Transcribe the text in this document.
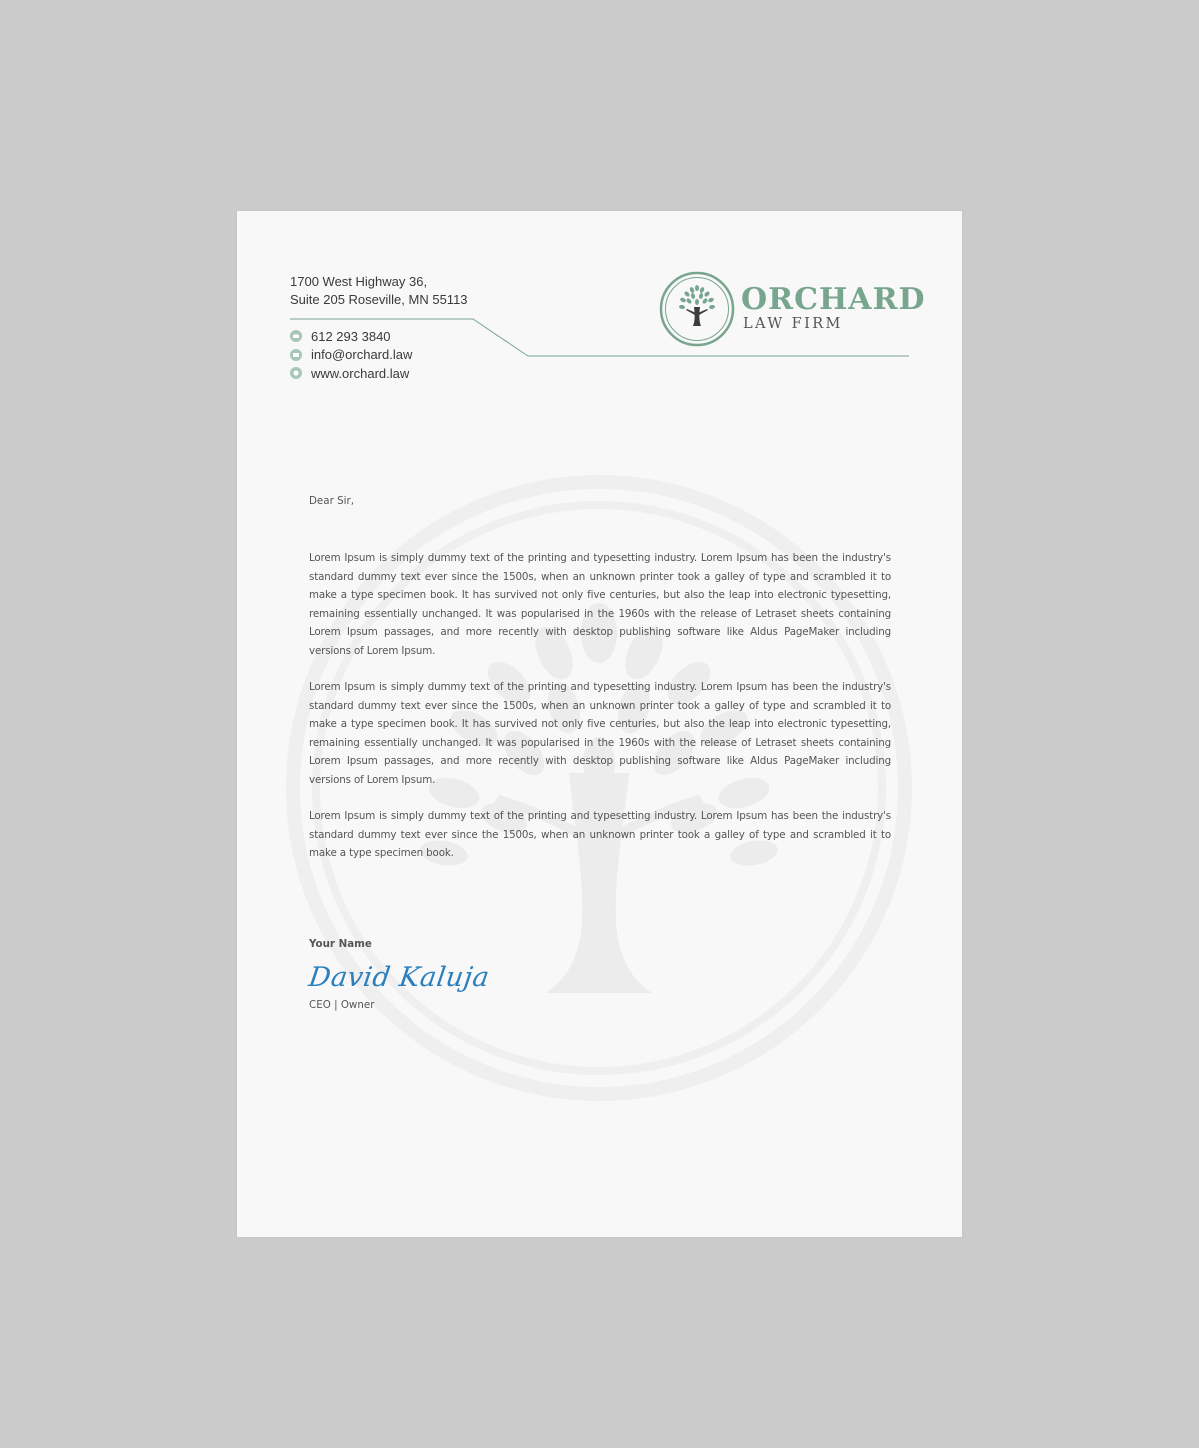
1700 West Highway 36,
Suite 205 Roseville, MN 55113
612 293 3840
info@orchard.law
www.orchard.law
ORCHARD
LAW FIRM

Dear Sir,

Lorem Ipsum is simply dummy text of the printing and typesetting industry. Lorem Ipsum has been the industry's standard dummy text ever since the 1500s, when an unknown printer took a galley of type and scrambled it to make a type specimen book. It has survived not only five centuries, but also the leap into electronic typesetting, remaining essentially unchanged. It was popularised in the 1960s with the release of Letraset sheets containing Lorem Ipsum passages, and more recently with desktop publishing software like Aldus PageMaker including versions of Lorem Ipsum.

Lorem Ipsum is simply dummy text of the printing and typesetting industry. Lorem Ipsum has been the industry's standard dummy text ever since the 1500s, when an unknown printer took a galley of type and scrambled it to make a type specimen book. It has survived not only five centuries, but also the leap into electronic typesetting, remaining essentially unchanged. It was popularised in the 1960s with the release of Letraset sheets containing Lorem Ipsum passages, and more recently with desktop publishing software like Aldus PageMaker including versions of Lorem Ipsum.

Lorem Ipsum is simply dummy text of the printing and typesetting industry. Lorem Ipsum has been the industry's standard dummy text ever since the 1500s, when an unknown printer took a galley of type and scrambled it to make a type specimen book.

Your Name
David Kaluja
CEO | Owner
